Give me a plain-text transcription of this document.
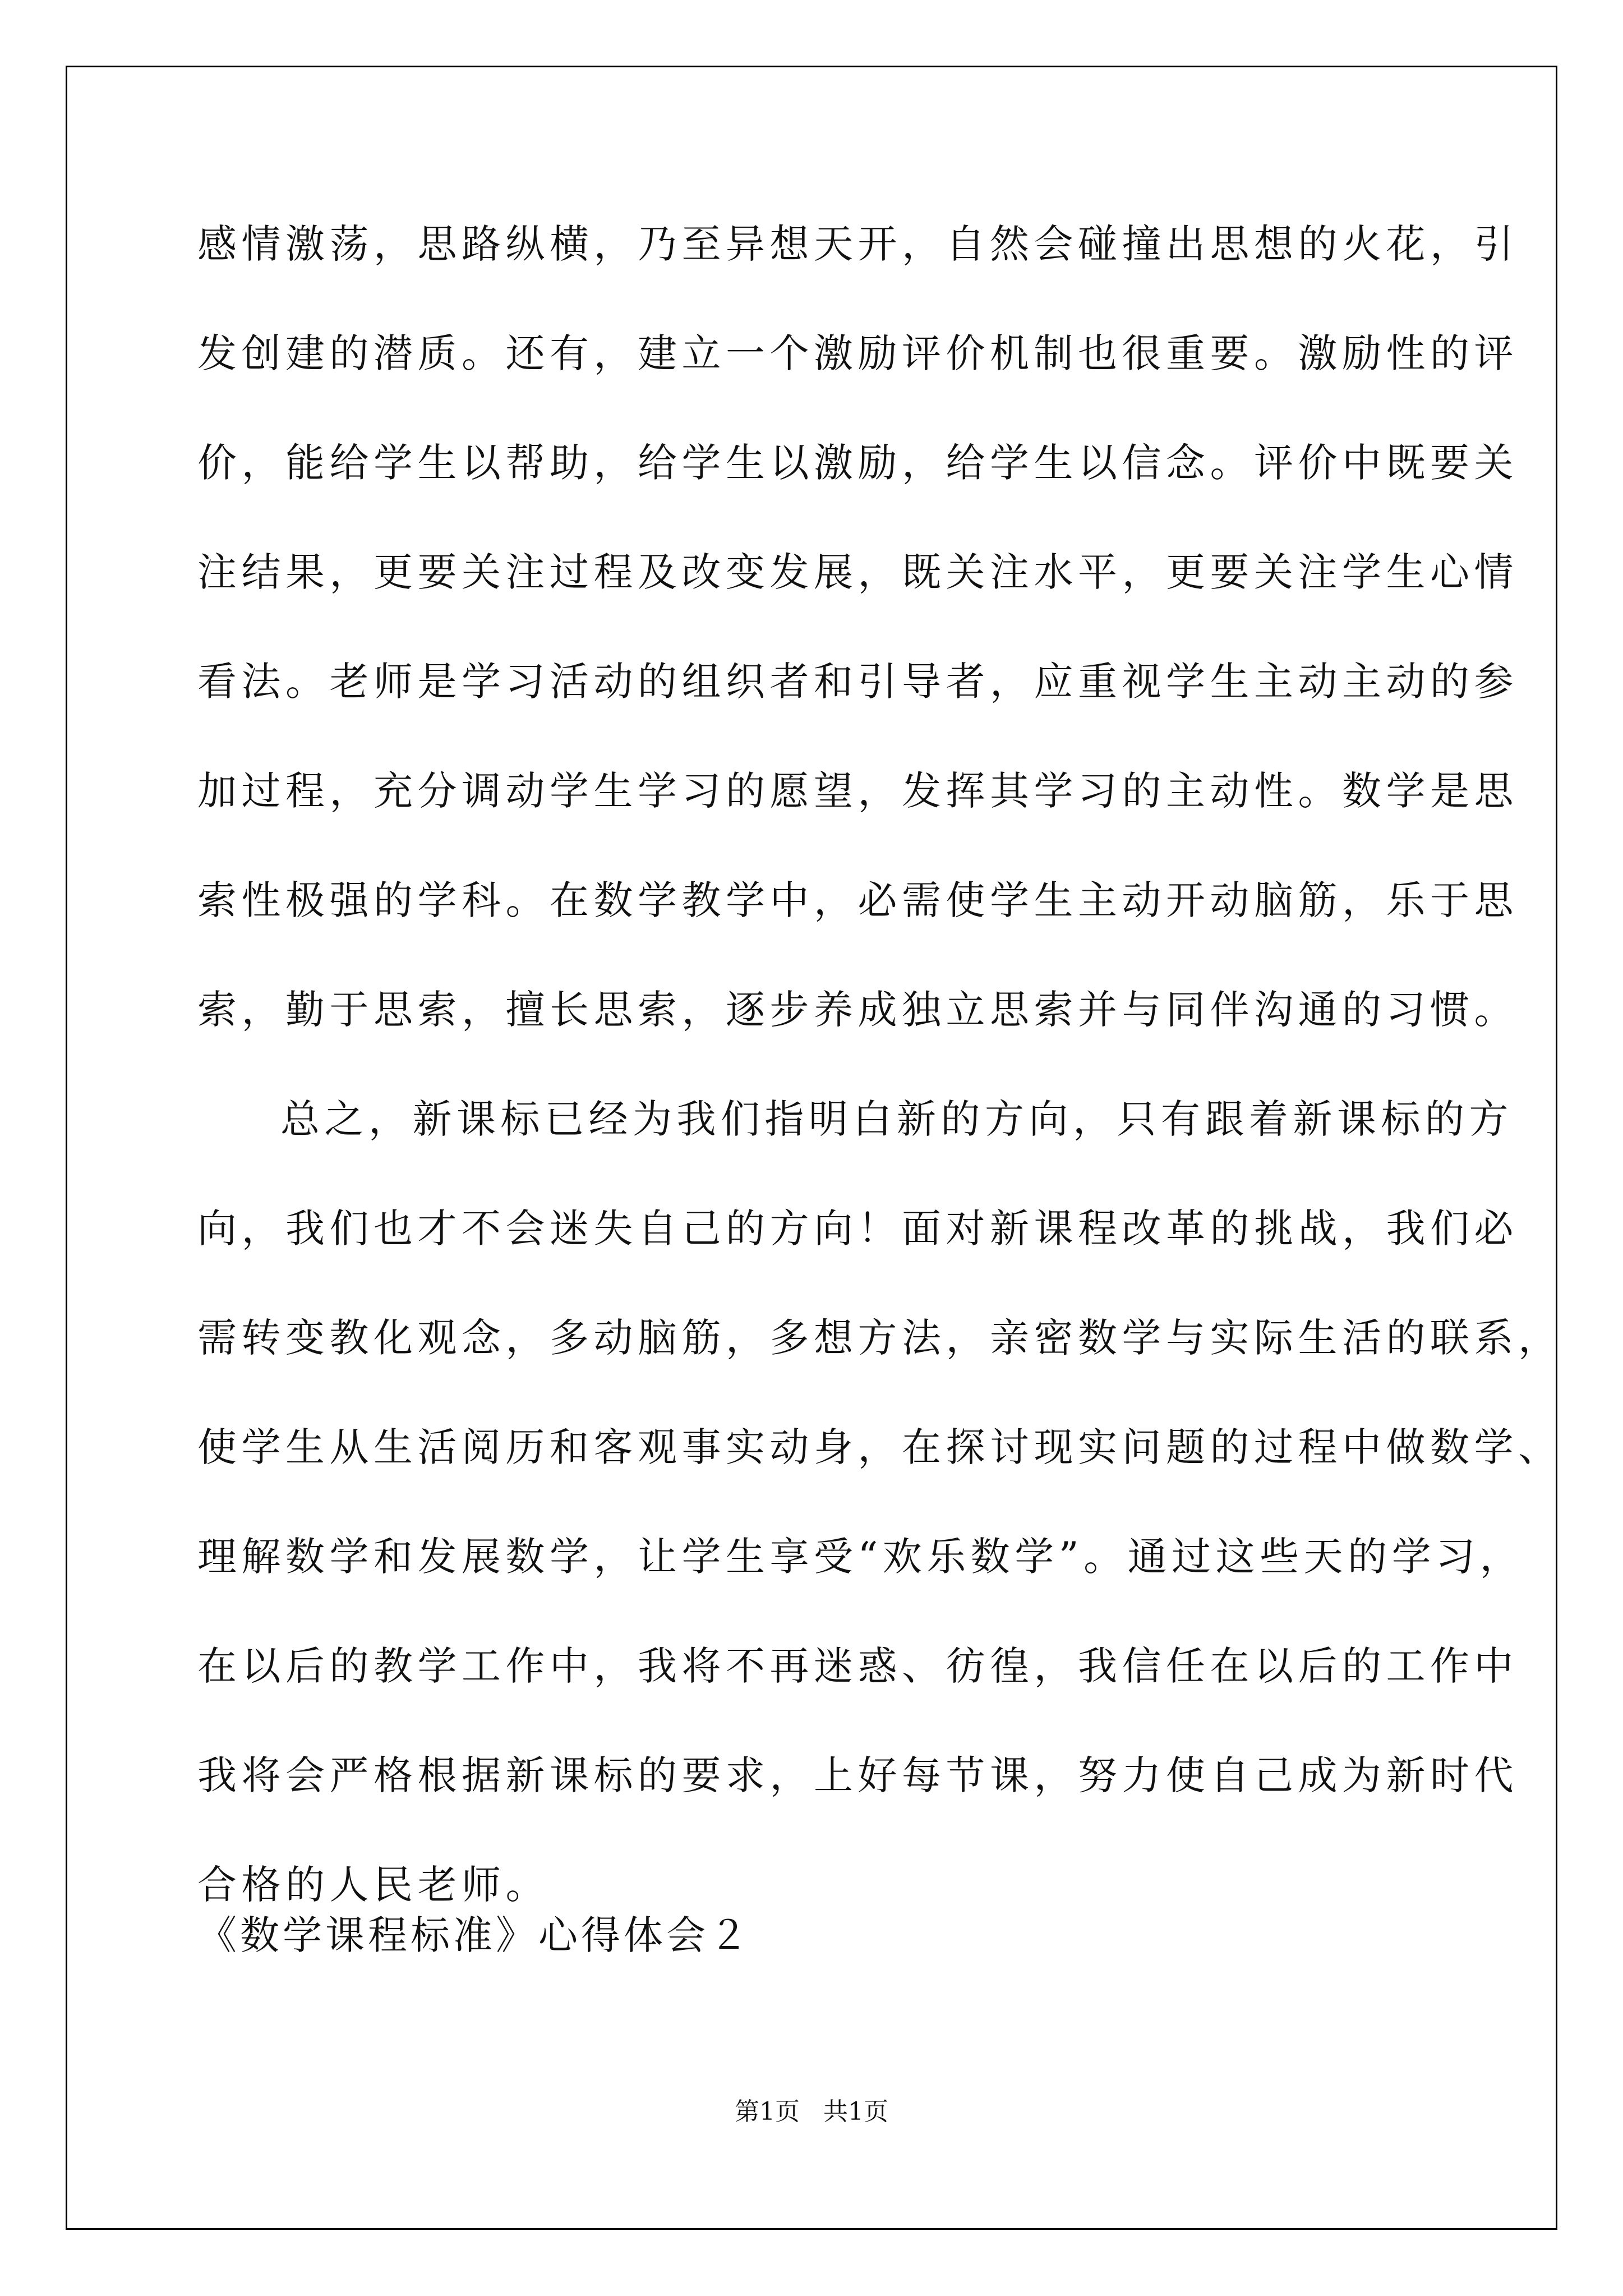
感情激荡，思路纵横，乃至异想天开，自然会碰撞出思想的火花，引
发创建的潜质。还有，建立一个激励评价机制也很重要。激励性的评
价，能给学生以帮助，给学生以激励，给学生以信念。评价中既要关
注结果，更要关注过程及改变发展，既关注水平，更要关注学生心情
看法。老师是学习活动的组织者和引导者，应重视学生主动主动的参
加过程，充分调动学生学习的愿望，发挥其学习的主动性。数学是思
索性极强的学科。在数学教学中，必需使学生主动开动脑筋，乐于思
索，勤于思索，擅长思索，逐步养成独立思索并与同伴沟通的习惯。
总之，新课标已经为我们指明白新的方向，只有跟着新课标的方
向，我们也才不会迷失自己的方向！面对新课程改革的挑战，我们必
需转变教化观念，多动脑筋，多想方法，亲密数学与实际生活的联系，
使学生从生活阅历和客观事实动身，在探讨现实问题的过程中做数学、
理解数学和发展数学，让学生享受“欢乐数学”。通过这些天的学习，
在以后的教学工作中，我将不再迷惑、彷徨，我信任在以后的工作中
我将会严格根据新课标的要求，上好每节课，努力使自己成为新时代
合格的人民老师。
《数学课程标准》心得体会２
第1页   共1页
